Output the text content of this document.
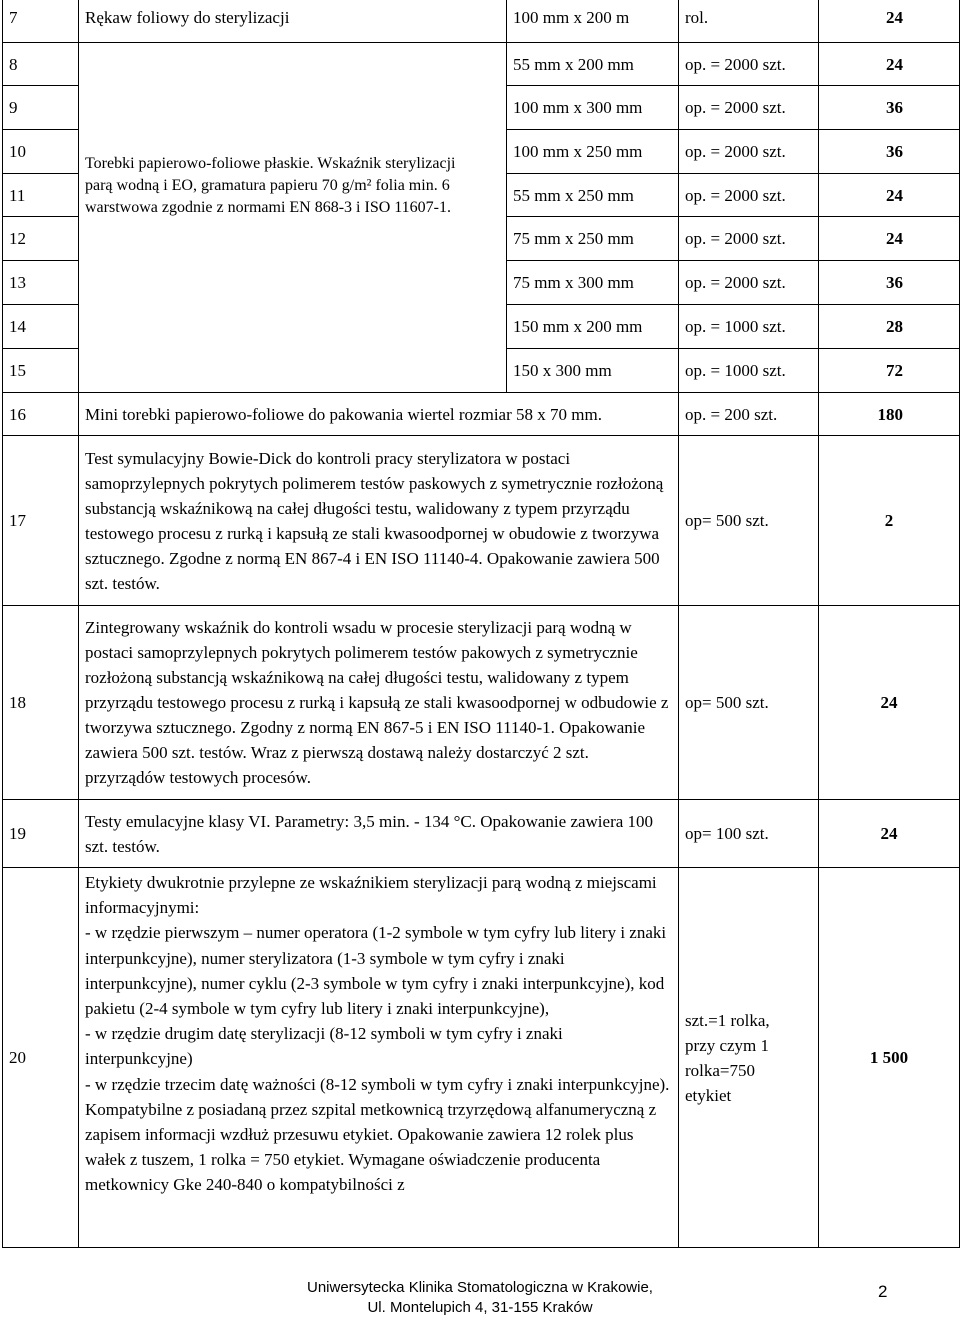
7	Rękaw foliowy do sterylizacji	100 mm x 200 m	rol.	24
8	Torebki papierowo-foliowe płaskie. Wskaźnik sterylizacji parą wodną i EO, gramatura papieru 70 g/m² folia min. 6 warstwowa zgodnie z normami EN 868-3 i ISO 11607-1.	55 mm x 200 mm	op. = 2000 szt.	24
9		100 mm x 300 mm	op. = 2000 szt.	36
10		100 mm x 250 mm	op. = 2000 szt.	36
11		55 mm x 250 mm	op. = 2000 szt.	24
12		75 mm x 250 mm	op. = 2000 szt.	24
13		75 mm x 300 mm	op. = 2000 szt.	36
14		150 mm x 200 mm	op. = 1000 szt.	28
15		150 x 300 mm	op. = 1000 szt.	72
16	Mini torebki papierowo-foliowe do pakowania wiertel rozmiar 58 x 70 mm.		op. = 200 szt.	180
17	Test symulacyjny Bowie-Dick do kontroli pracy sterylizatora w postaci samoprzylepnych pokrytych polimerem testów paskowych z symetrycznie rozłożoną substancją wskaźnikową na całej długości testu, walidowany z typem przyrządu testowego procesu z rurką i kapsułą ze stali kwasoodpornej w obudowie z tworzywa sztucznego. Zgodne z normą EN 867-4 i EN ISO 11140-4. Opakowanie zawiera 500 szt. testów.		op= 500 szt.	2
18	Zintegrowany wskaźnik do kontroli wsadu w procesie sterylizacji parą wodną w postaci samoprzylepnych pokrytych polimerem testów pakowych z symetrycznie rozłożoną substancją wskaźnikową na całej długości testu, walidowany z typem przyrządu testowego procesu z rurką i kapsułą ze stali kwasoodpornej w odbudowie z tworzywa sztucznego. Zgodny z normą EN 867-5 i EN ISO 11140-1. Opakowanie zawiera 500 szt. testów. Wraz z pierwszą dostawą należy dostarczyć 2 szt. przyrządów testowych procesów.		op= 500 szt.	24
19	Testy emulacyjne klasy VI. Parametry: 3,5 min. - 134 °C. Opakowanie zawiera 100 szt. testów.		op= 100 szt.	24
20	Etykiety dwukrotnie przylepne ze wskaźnikiem sterylizacji parą wodną z miejscami informacyjnymi:
- w rzędzie pierwszym – numer operatora (1-2 symbole w tym cyfry lub litery i znaki interpunkcyjne), numer sterylizatora (1-3 symbole w tym cyfry i znaki interpunkcyjne), numer cyklu (2-3 symbole w tym cyfry i znaki interpunkcyjne), kod pakietu (2-4 symbole w tym cyfry lub litery i znaki interpunkcyjne),
- w rzędzie drugim datę sterylizacji (8-12 symboli w tym cyfry i znaki interpunkcyjne)
- w rzędzie trzecim datę ważności (8-12 symboli w tym cyfry i znaki interpunkcyjne).
Kompatybilne z posiadaną przez szpital metkownicą trzyrzędową alfanumeryczną z zapisem informacji wzdłuż przesuwu etykiet. Opakowanie zawiera 12 rolek plus wałek z tuszem, 1 rolka = 750 etykiet. Wymagane oświadczenie producenta metkownicy Gke 240-840 o kompatybilności z		szt.=1 rolka, przy czym 1 rolka=750 etykiet	1 500
Uniwersytecka Klinika Stomatologiczna w Krakowie,
Ul. Montelupich 4, 31-155 Kraków
2
